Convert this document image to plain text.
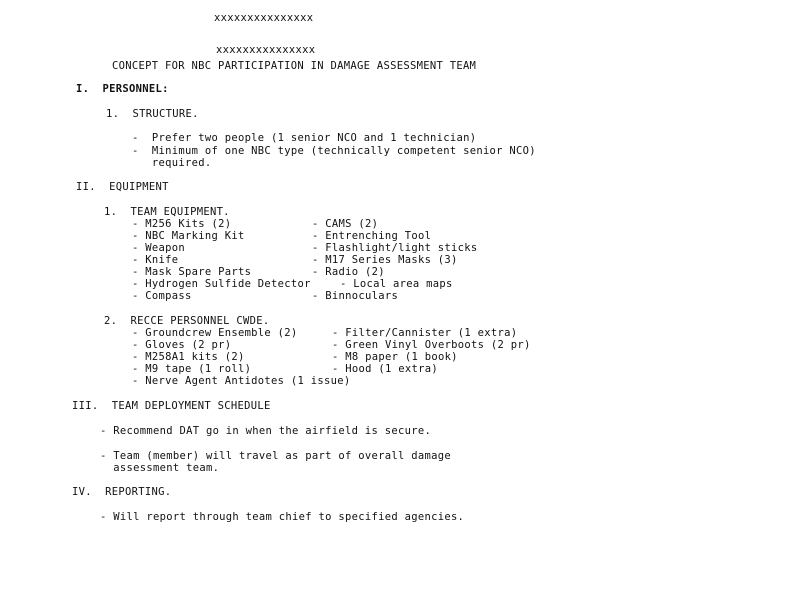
xxxxxxxxxxxxxxx
xxxxxxxxxxxxxxx
CONCEPT FOR NBC PARTICIPATION IN DAMAGE ASSESSMENT TEAM
I.  PERSONNEL:
1.  STRUCTURE.
-  Prefer two people (1 senior NCO and 1 technician)
-  Minimum of one NBC type (technically competent senior NCO)
required.
II.  EQUIPMENT
1.  TEAM EQUIPMENT.
- M256 Kits (2)
- NBC Marking Kit
- Weapon
- Knife
- Mask Spare Parts
- Hydrogen Sulfide Detector
- Compass
- CAMS (2)
- Entrenching Tool
- Flashlight/light sticks
- M17 Series Masks (3)
- Radio (2)
- Local area maps
- Binnoculars
2.  RECCE PERSONNEL CWDE.
- Groundcrew Ensemble (2)
- Gloves (2 pr)
- M258A1 kits (2)
- M9 tape (1 roll)
- Nerve Agent Antidotes (1 issue)
- Filter/Cannister (1 extra)
- Green Vinyl Overboots (2 pr)
- M8 paper (1 book)
- Hood (1 extra)
III.  TEAM DEPLOYMENT SCHEDULE
- Recommend DAT go in when the airfield is secure.
- Team (member) will travel as part of overall damage
assessment team.
IV.  REPORTING.
- Will report through team chief to specified agencies.
